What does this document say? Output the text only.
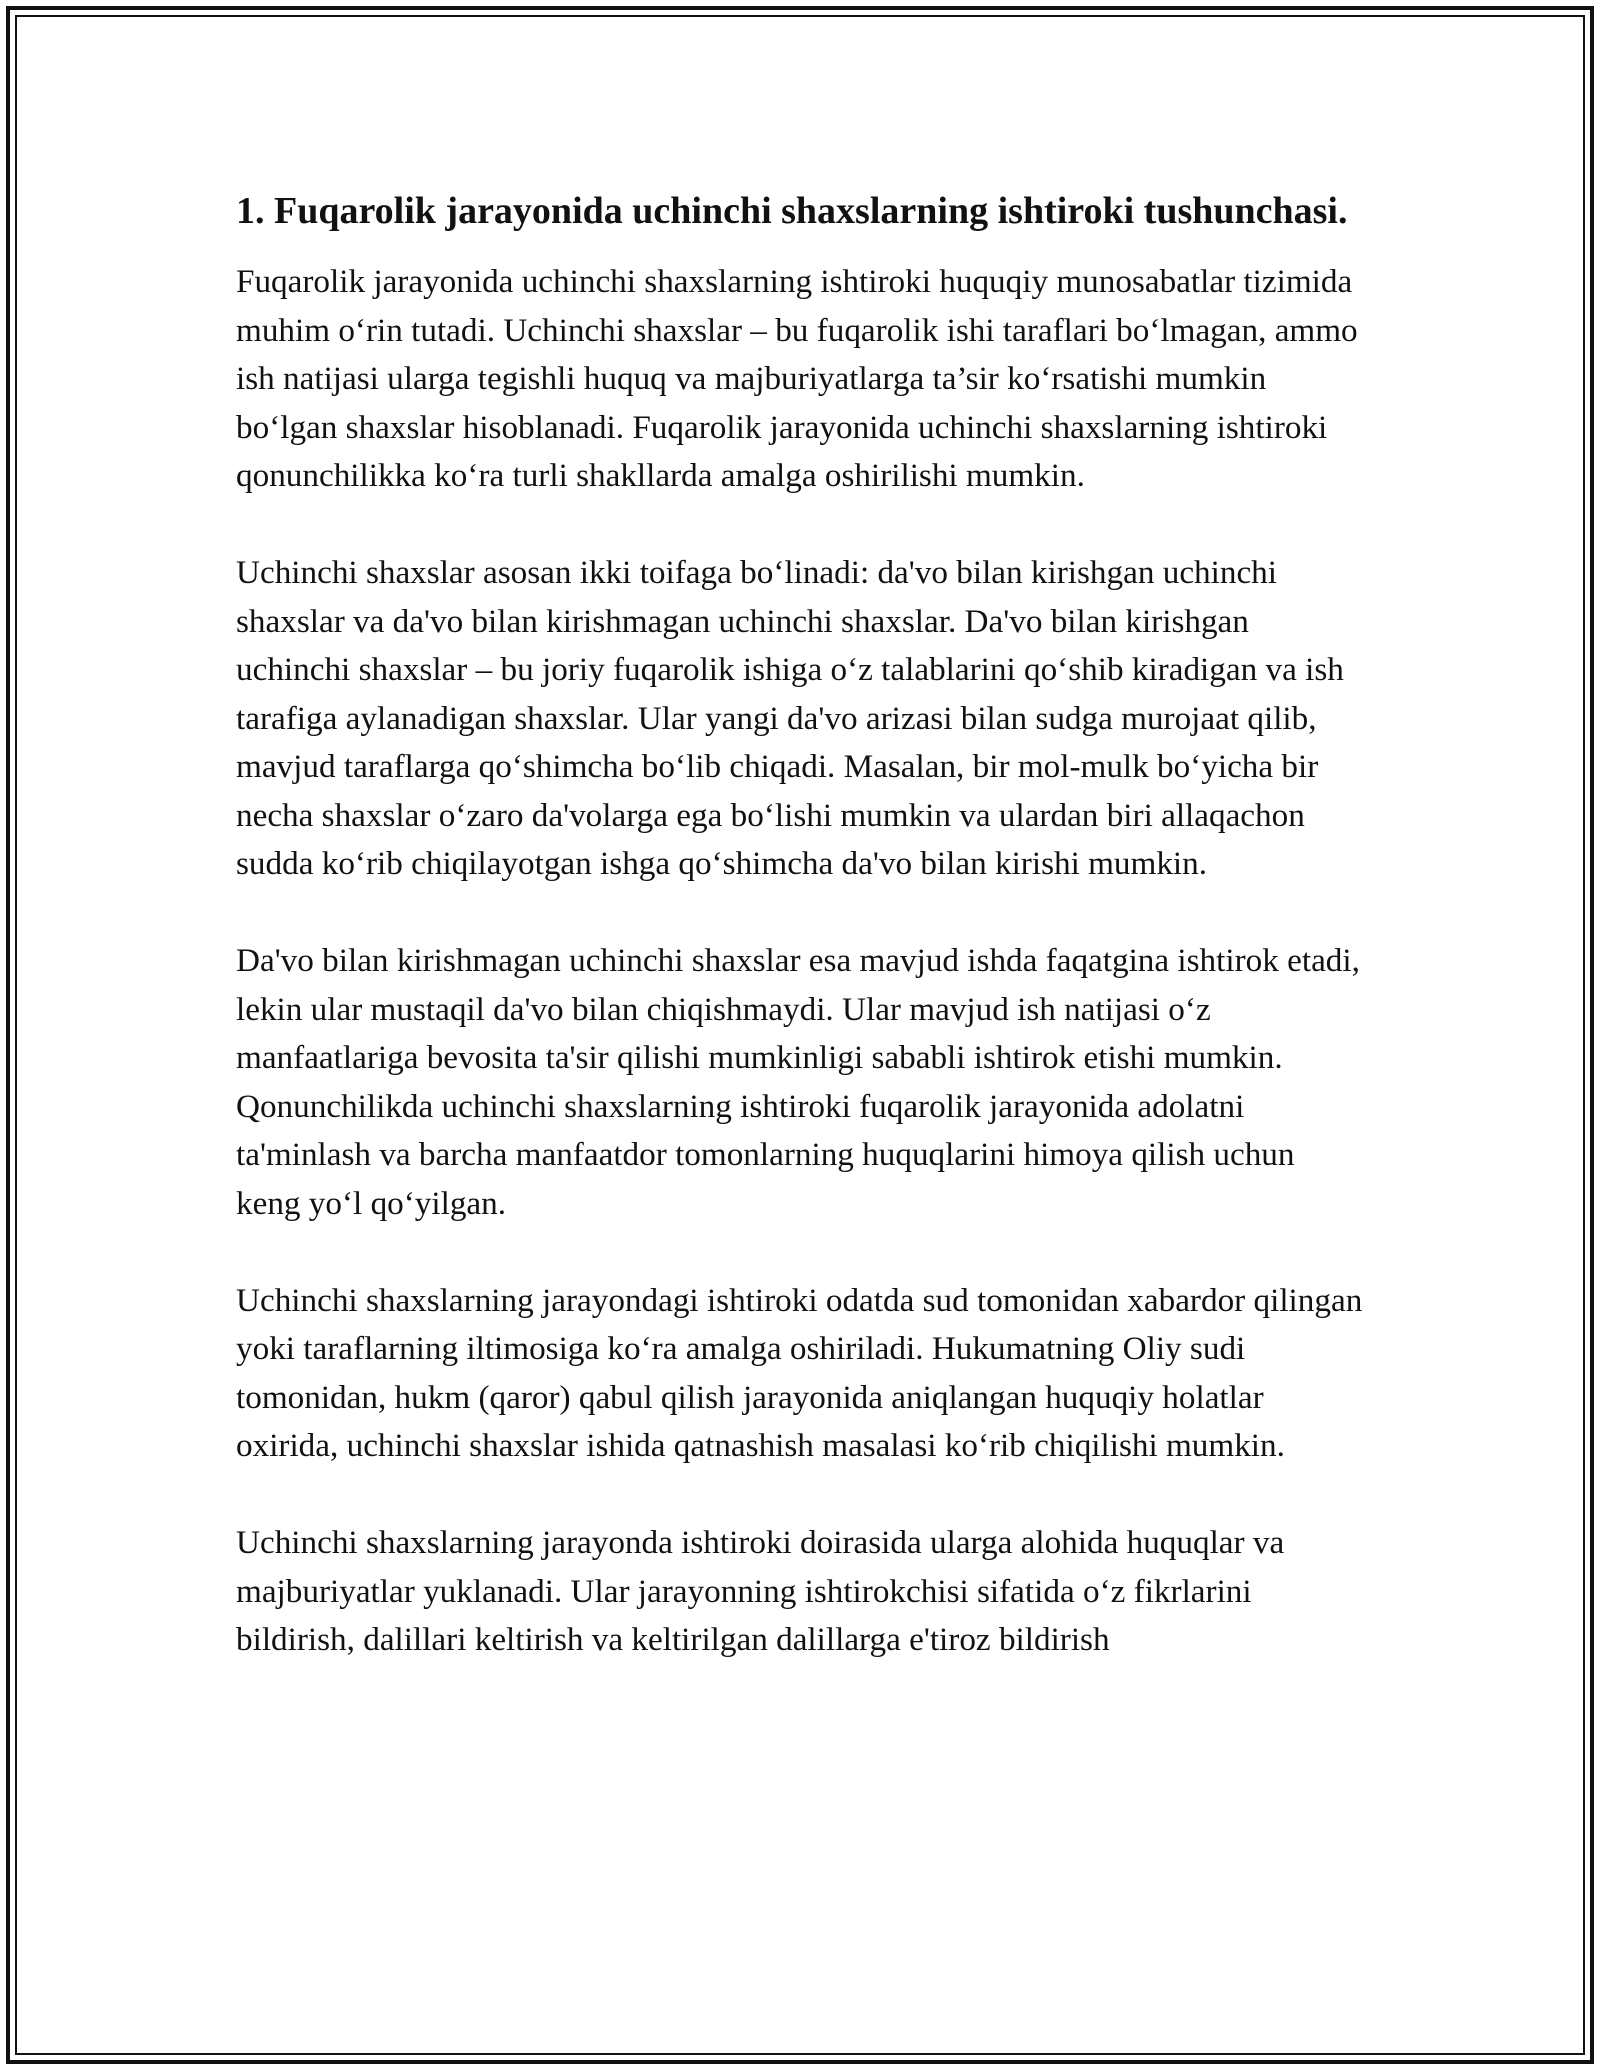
1. Fuqarolik jarayonida uchinchi shaxslarning ishtiroki tushunchasi.

Fuqarolik jarayonida uchinchi shaxslarning ishtiroki huquqiy munosabatlar tizimida muhim o‘rin tutadi. Uchinchi shaxslar – bu fuqarolik ishi taraflari bo‘lmagan, ammo ish natijasi ularga tegishli huquq va majburiyatlarga ta’sir ko‘rsatishi mumkin bo‘lgan shaxslar hisoblanadi. Fuqarolik jarayonida uchinchi shaxslarning ishtiroki qonunchilikka ko‘ra turli shakllarda amalga oshirilishi mumkin.

Uchinchi shaxslar asosan ikki toifaga bo‘linadi: da'vo bilan kirishgan uchinchi shaxslar va da'vo bilan kirishmagan uchinchi shaxslar. Da'vo bilan kirishgan uchinchi shaxslar – bu joriy fuqarolik ishiga o‘z talablarini qo‘shib kiradigan va ish tarafiga aylanadigan shaxslar. Ular yangi da'vo arizasi bilan sudga murojaat qilib, mavjud taraflarga qo‘shimcha bo‘lib chiqadi. Masalan, bir mol-mulk bo‘yicha bir necha shaxslar o‘zaro da'volarga ega bo‘lishi mumkin va ulardan biri allaqachon sudda ko‘rib chiqilayotgan ishga qo‘shimcha da'vo bilan kirishi mumkin.

Da'vo bilan kirishmagan uchinchi shaxslar esa mavjud ishda faqatgina ishtirok etadi, lekin ular mustaqil da'vo bilan chiqishmaydi. Ular mavjud ish natijasi o‘z manfaatlariga bevosita ta'sir qilishi mumkinligi sababli ishtirok etishi mumkin. Qonunchilikda uchinchi shaxslarning ishtiroki fuqarolik jarayonida adolatni ta'minlash va barcha manfaatdor tomonlarning huquqlarini himoya qilish uchun keng yo‘l qo‘yilgan.

Uchinchi shaxslarning jarayondagi ishtiroki odatda sud tomonidan xabardor qilingan yoki taraflarning iltimosiga ko‘ra amalga oshiriladi. Hukumatning Oliy sudi tomonidan, hukm (qaror) qabul qilish jarayonida aniqlangan huquqiy holatlar oxirida, uchinchi shaxslar ishida qatnashish masalasi ko‘rib chiqilishi mumkin.

Uchinchi shaxslarning jarayonda ishtiroki doirasida ularga alohida huquqlar va majburiyatlar yuklanadi. Ular jarayonning ishtirokchisi sifatida o‘z fikrlarini bildirish, dalillari keltirish va keltirilgan dalillarga e'tiroz bildirish
